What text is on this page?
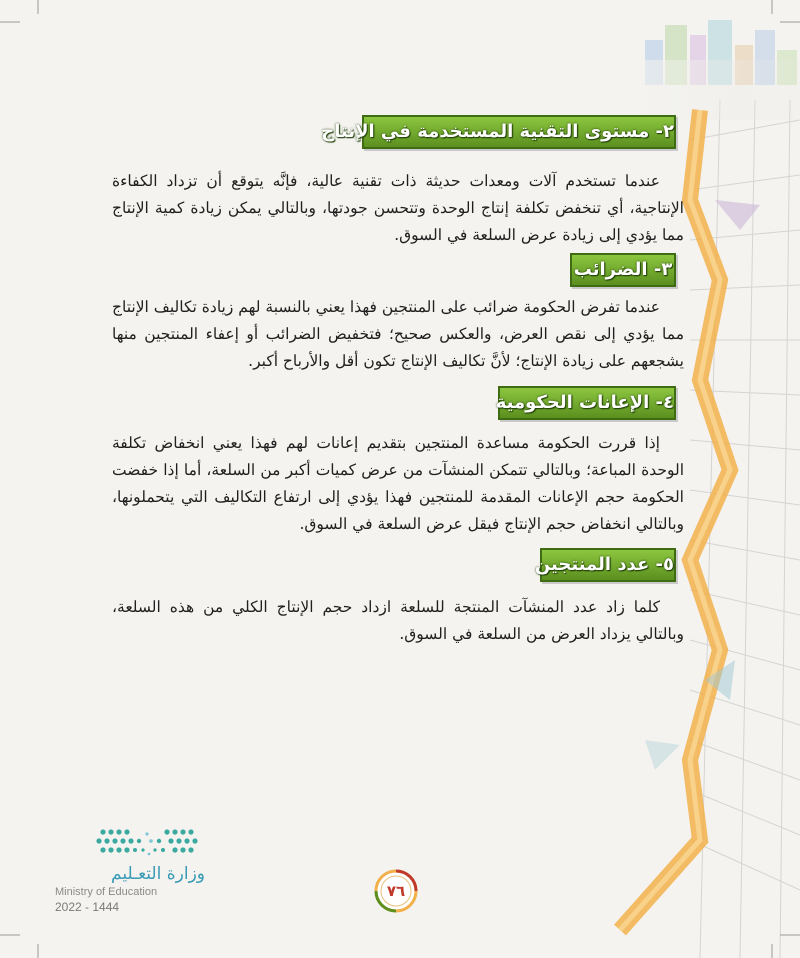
٢- مستوى التقنية المستخدمة في الإنتاج

عندما تستخدم آلات ومعدات حديثة ذات تقنية عالية، فإنَّه يتوقع أن تزداد الكفاءة الإنتاجية، أي تنخفض تكلفة إنتاج الوحدة وتتحسن جودتها، وبالتالي يمكن زيادة كمية الإنتاج مما يؤدي إلى زيادة عرض السلعة في السوق.

٣- الضرائب

عندما تفرض الحكومة ضرائب على المنتجين فهذا يعني بالنسبة لهم زيادة تكاليف الإنتاج مما يؤدي إلى نقص العرض، والعكس صحيح؛ فتخفيض الضرائب أو إعفاء المنتجين منها يشجعهم على زيادة الإنتاج؛ لأنَّ تكاليف الإنتاج تكون أقل والأرباح أكبر.

٤- الإعانات الحكومية

إذا قررت الحكومة مساعدة المنتجين بتقديم إعانات لهم فهذا يعني انخفاض تكلفة الوحدة المباعة؛ وبالتالي تتمكن المنشآت من عرض كميات أكبر من السلعة، أما إذا خفضت الحكومة حجم الإعانات المقدمة للمنتجين فهذا يؤدي إلى ارتفاع التكاليف التي يتحملونها، وبالتالي انخفاض حجم الإنتاج فيقل عرض السلعة في السوق.

٥- عدد المنتجين

كلما زاد عدد المنشآت المنتجة للسلعة ازداد حجم الإنتاج الكلي من هذه السلعة، وبالتالي يزداد العرض من السلعة في السوق.

وزارة التعـليم
Ministry of Education
2022 - 1444
٧٦
